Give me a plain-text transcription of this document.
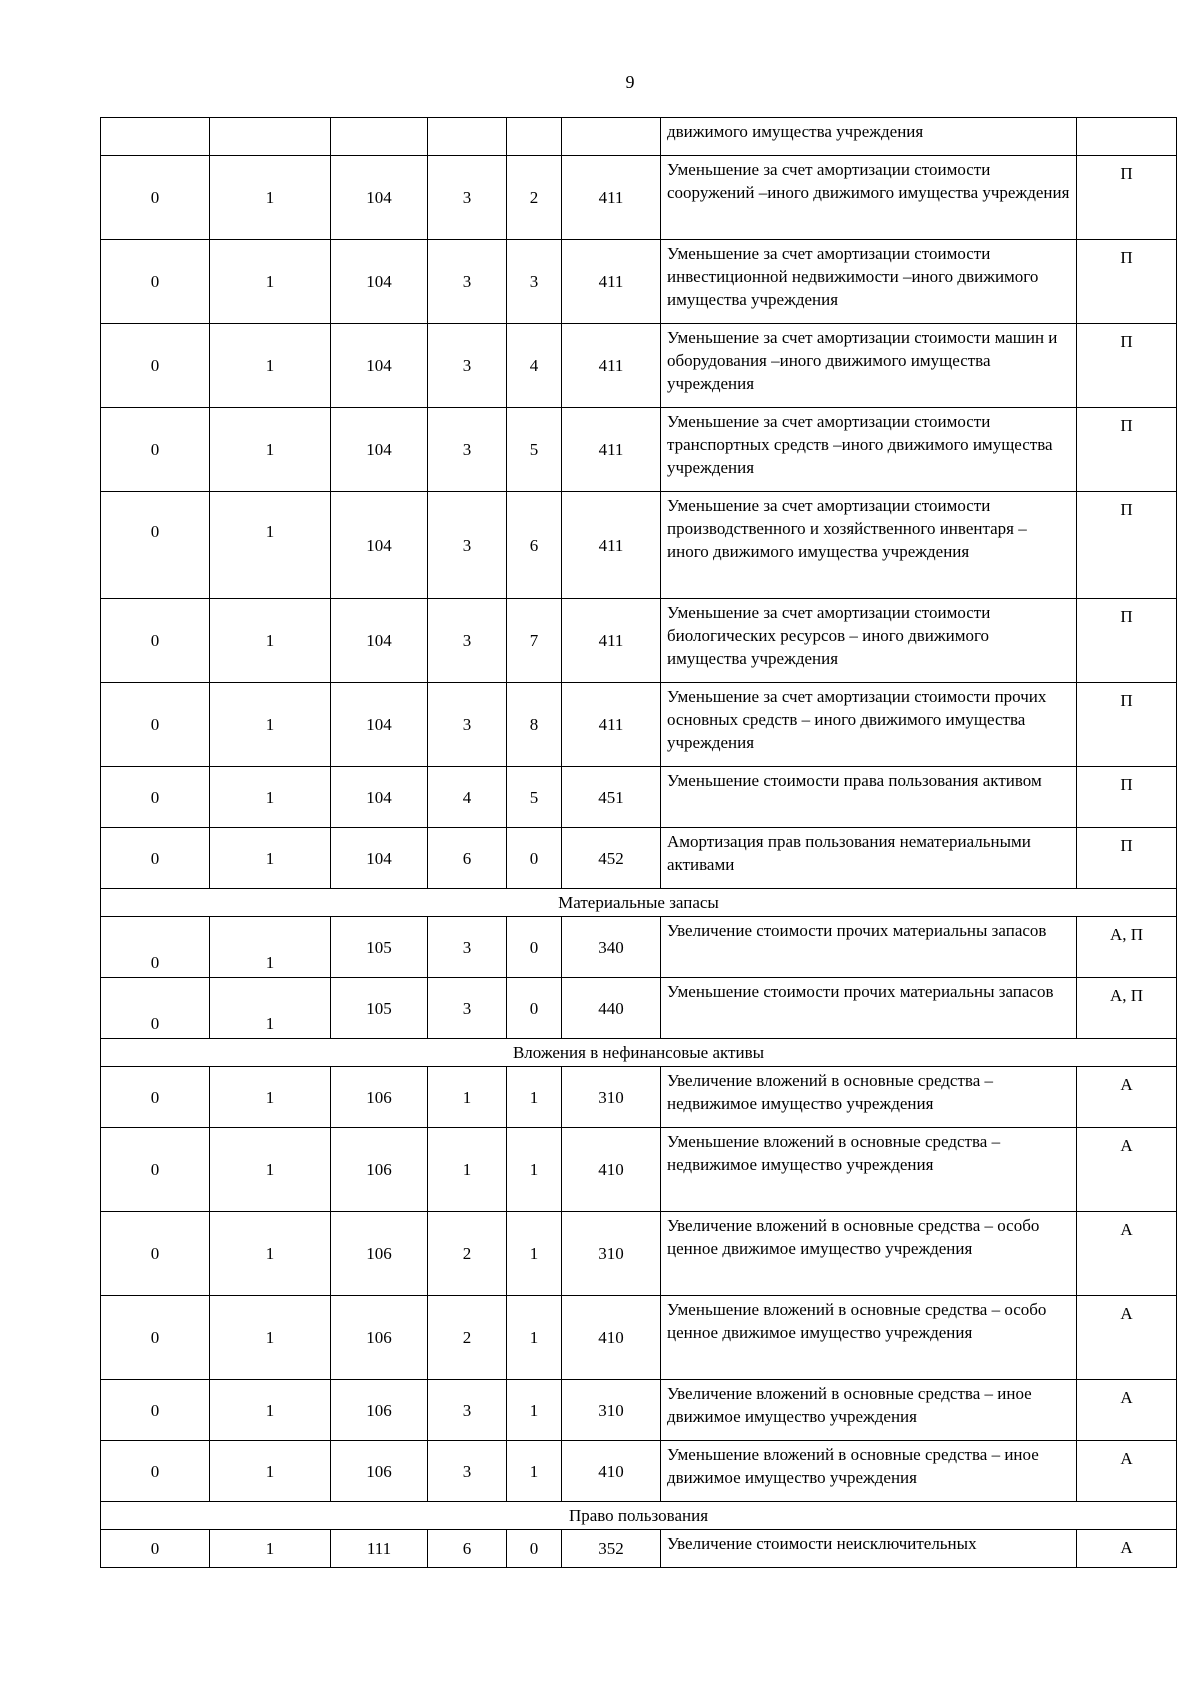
9
						движимого имущества учреждения	
0	1	104	3	2	411	Уменьшение за счет амортизации стоимости сооружений –иного движимого имущества учреждения	П
0	1	104	3	3	411	Уменьшение за счет амортизации стоимости инвестиционной недвижимости –иного движимого имущества учреждения	П
0	1	104	3	4	411	Уменьшение за счет амортизации стоимости машин и оборудования –иного движимого имущества учреждения	П
0	1	104	3	5	411	Уменьшение за счет амортизации стоимости транспортных средств –иного движимого имущества учреждения	П
0	1	104	3	6	411	Уменьшение за счет амортизации стоимости производственного и хозяйственного инвентаря – иного движимого имущества учреждения	П
0	1	104	3	7	411	Уменьшение за счет амортизации стоимости биологических ресурсов – иного движимого имущества учреждения	П
0	1	104	3	8	411	Уменьшение за счет амортизации стоимости прочих основных средств – иного движимого имущества учреждения	П
0	1	104	4	5	451	Уменьшение стоимости права пользования активом	П
0	1	104	6	0	452	Амортизация прав пользования нематериальными активами	П
Материальные запасы							
0	1	105	3	0	340	Увеличение стоимости прочих материальны запасов	А, П
0	1	105	3	0	440	Уменьшение стоимости прочих материальны запасов	А, П
Вложения в нефинансовые активы							
0	1	106	1	1	310	Увеличение вложений в основные средства – недвижимое имущество учреждения	А
0	1	106	1	1	410	Уменьшение вложений в основные средства – недвижимое имущество учреждения	А
0	1	106	2	1	310	Увеличение вложений в основные средства – особо ценное движимое имущество учреждения	А
0	1	106	2	1	410	Уменьшение вложений в основные средства – особо ценное движимое имущество учреждения	А
0	1	106	3	1	310	Увеличение вложений в основные средства – иное движимое имущество учреждения	А
0	1	106	3	1	410	Уменьшение вложений в основные средства – иное движимое имущество учреждения	А
Право пользования							
0	1	111	6	0	352	Увеличение стоимости неисключительных	А
